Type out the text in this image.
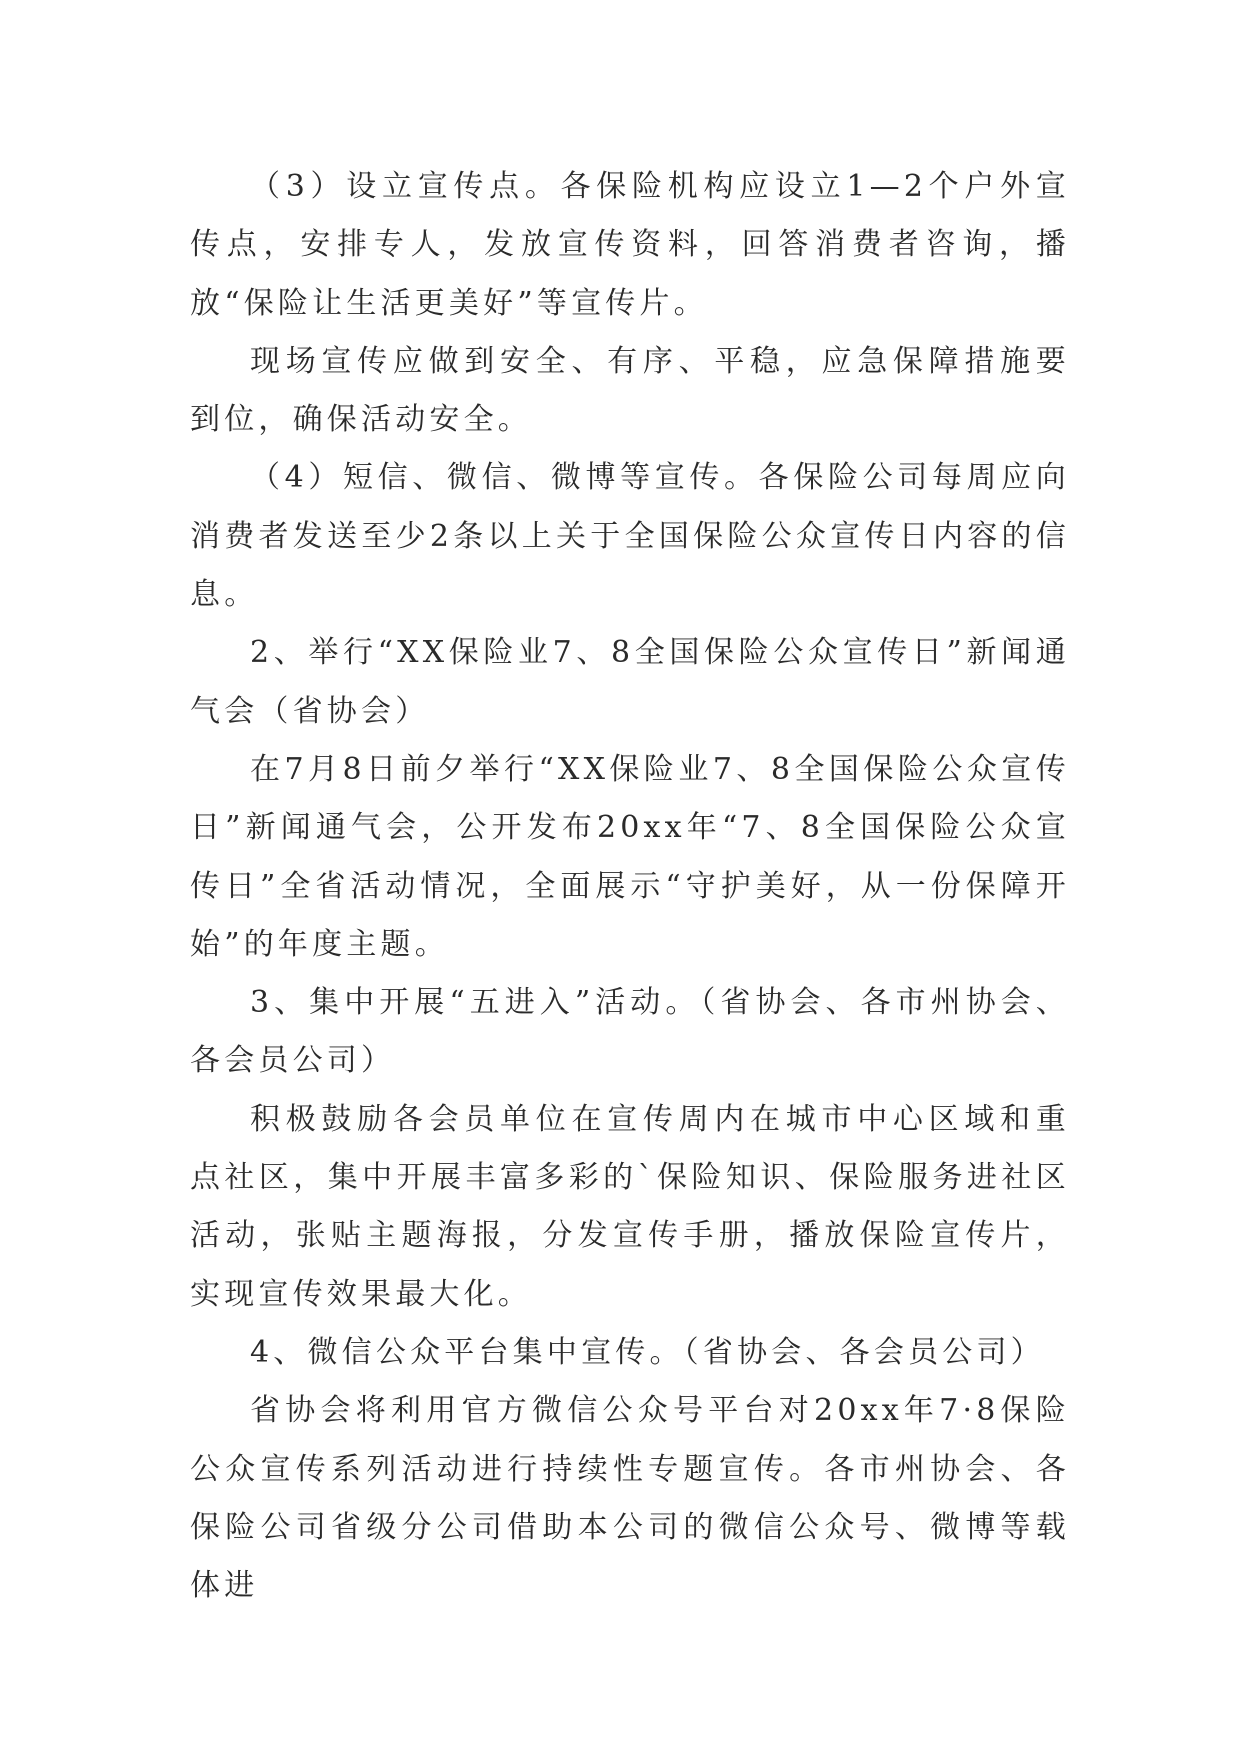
（3）设立宣传点。各保险机构应设立1—2个户外宣传点，安排专人，发放宣传资料，回答消费者咨询，播放“保险让生活更美好”等宣传片。

现场宣传应做到安全、有序、平稳，应急保障措施要到位，确保活动安全。

（4）短信、微信、微博等宣传。各保险公司每周应向消费者发送至少2条以上关于全国保险公众宣传日内容的信息。

2、举行“XX保险业7、8全国保险公众宣传日”新闻通气会（省协会）

在7月8日前夕举行“XX保险业7、8全国保险公众宣传日”新闻通气会，公开发布20xx年“7、8全国保险公众宣传日”全省活动情况，全面展示“守护美好，从一份保障开始”的年度主题。

3、集中开展“五进入”活动。（省协会、各市州协会、各会员公司）

积极鼓励各会员单位在宣传周内在城市中心区域和重点社区，集中开展丰富多彩的`保险知识、保险服务进社区活动，张贴主题海报，分发宣传手册，播放保险宣传片，实现宣传效果最大化。

4、微信公众平台集中宣传。（省协会、各会员公司）

省协会将利用官方微信公众号平台对20xx年7·8保险公众宣传系列活动进行持续性专题宣传。各市州协会、各保险公司省级分公司借助本公司的微信公众号、微博等载体进
